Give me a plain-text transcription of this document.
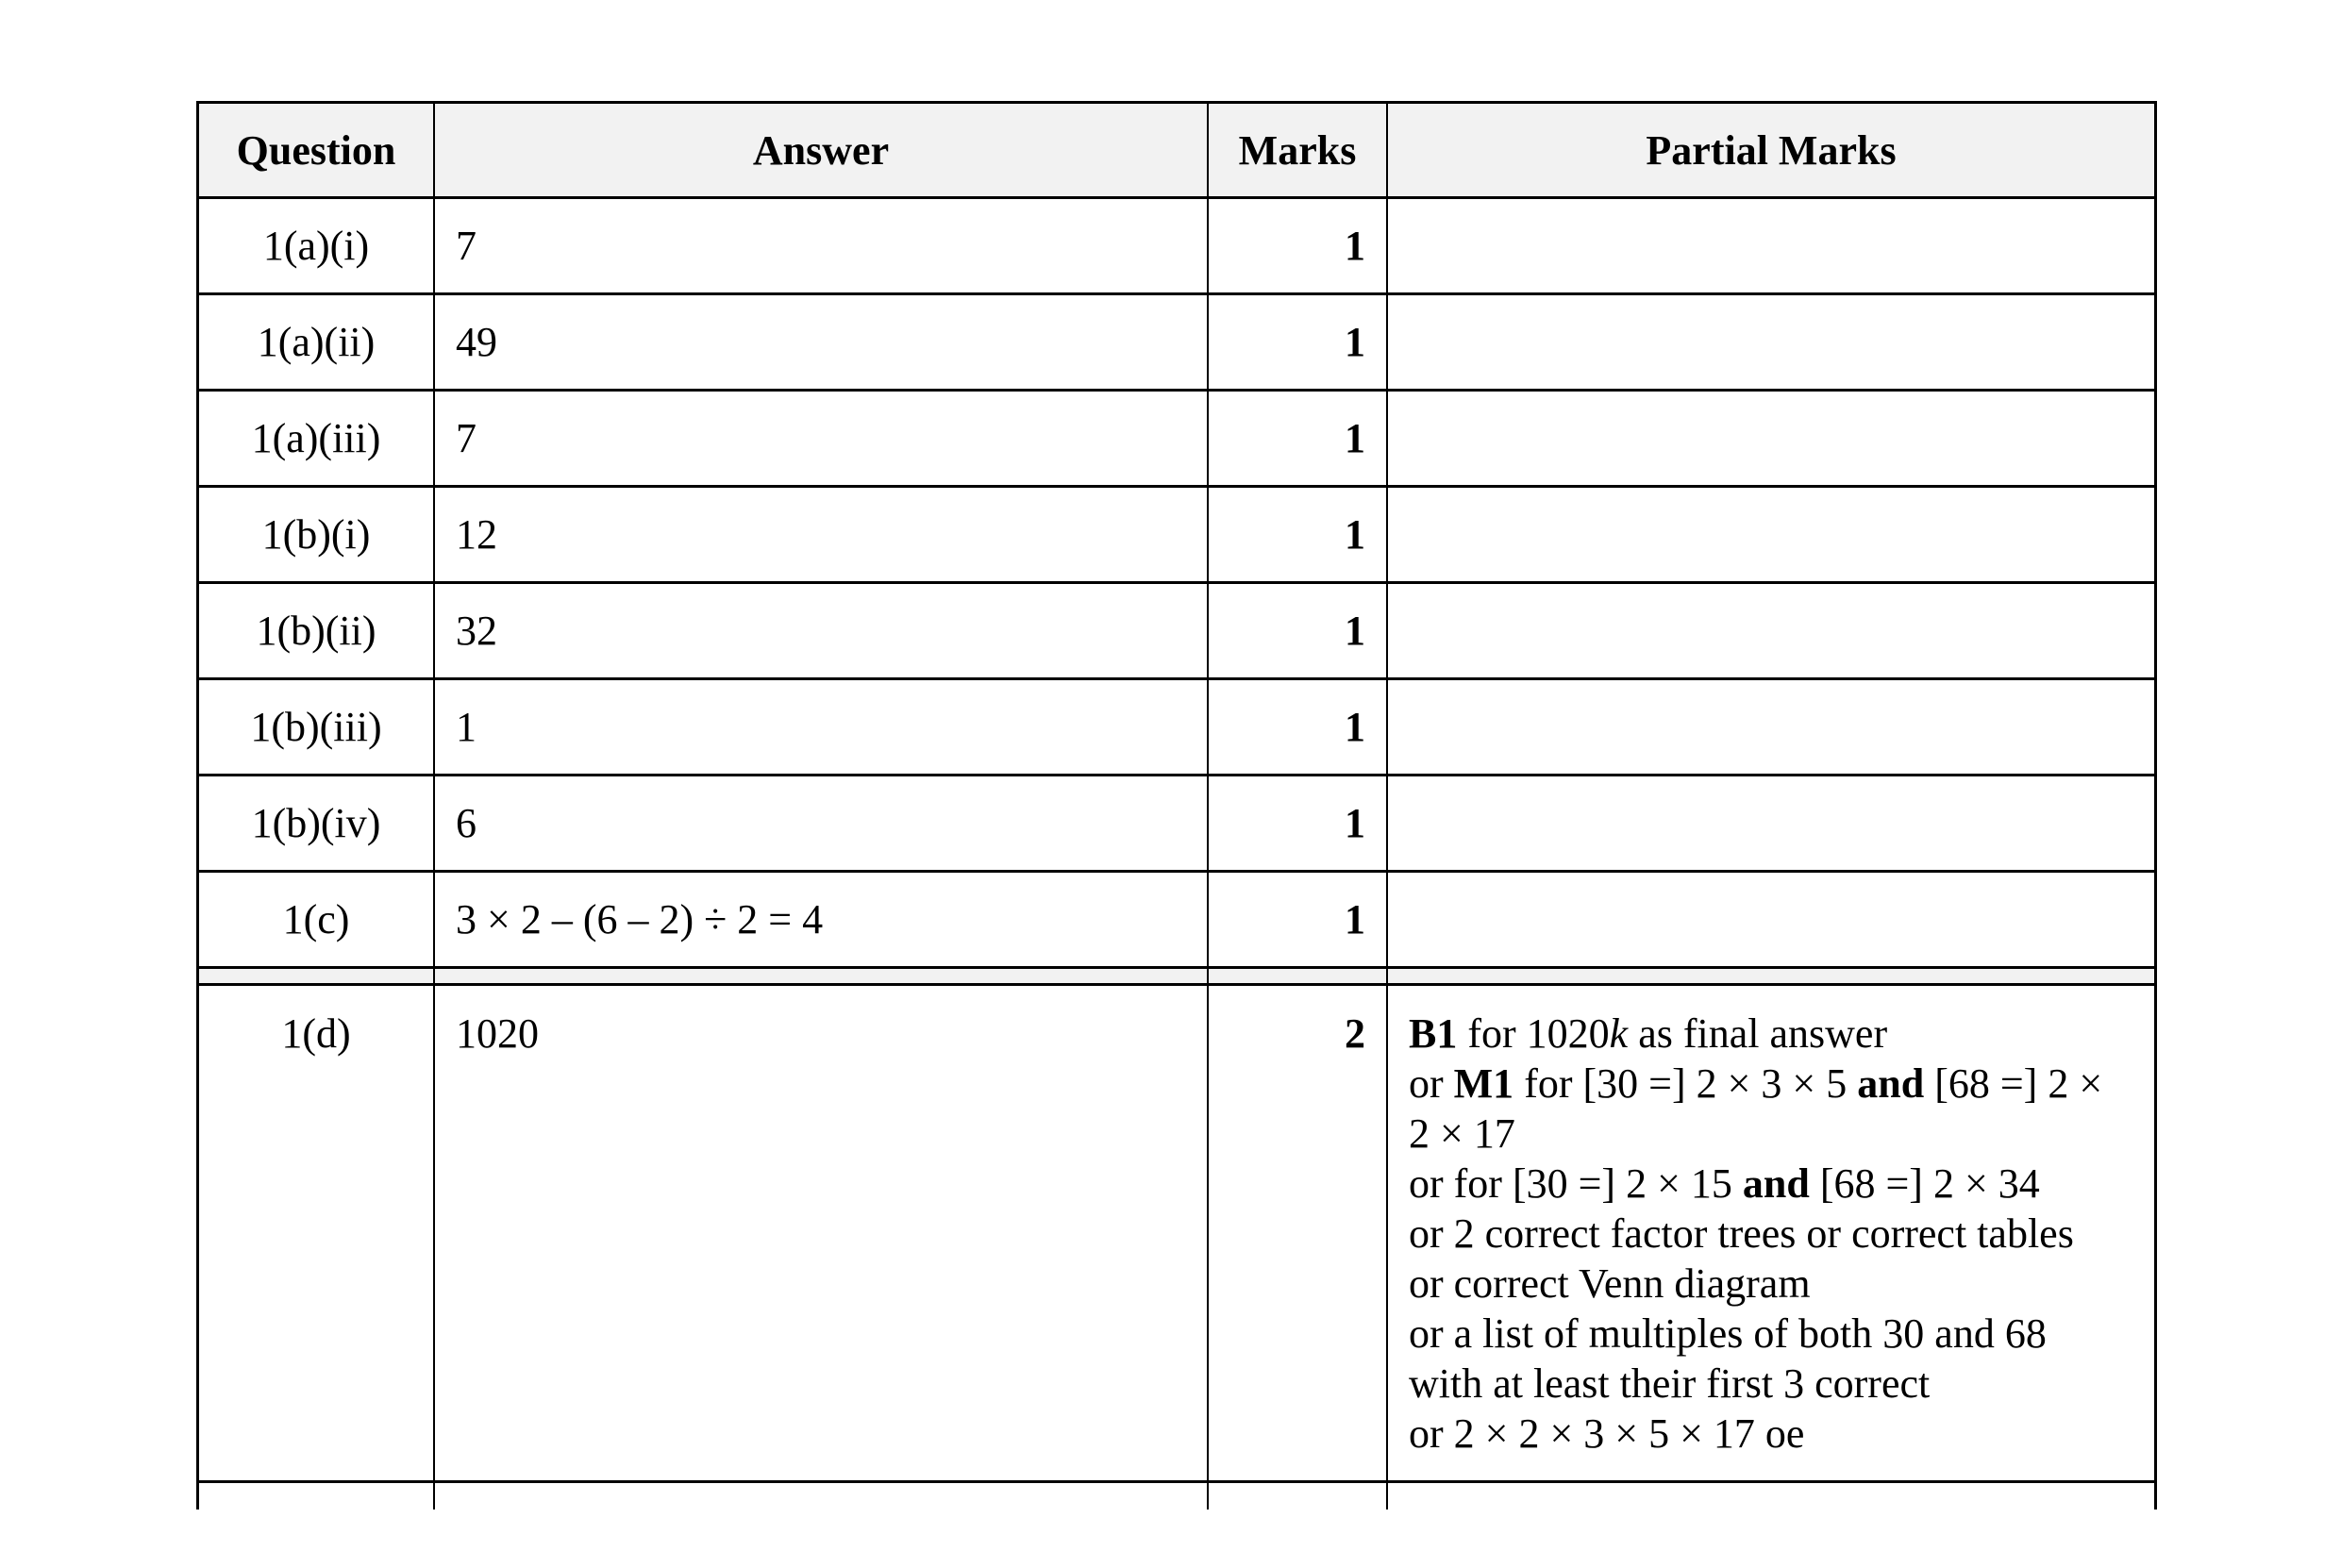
Question	Answer	Marks	Partial Marks
1(a)(i)	7	1
1(a)(ii)	49	1
1(a)(iii)	7	1
1(b)(i)	12	1
1(b)(ii)	32	1
1(b)(iii)	1	1
1(b)(iv)	6	1
1(c)	3 × 2 – (6 – 2) ÷ 2 = 4	1
1(d)	1020	2	B1 for 1020k as final answer
or M1 for [30 =] 2 × 3 × 5 and [68 =] 2 ×
2 × 17
or for [30 =] 2 × 15 and [68 =] 2 × 34
or 2 correct factor trees or correct tables
or correct Venn diagram
or a list of multiples of both 30 and 68
with at least their first 3 correct
or 2 × 2 × 3 × 5 × 17 oe
